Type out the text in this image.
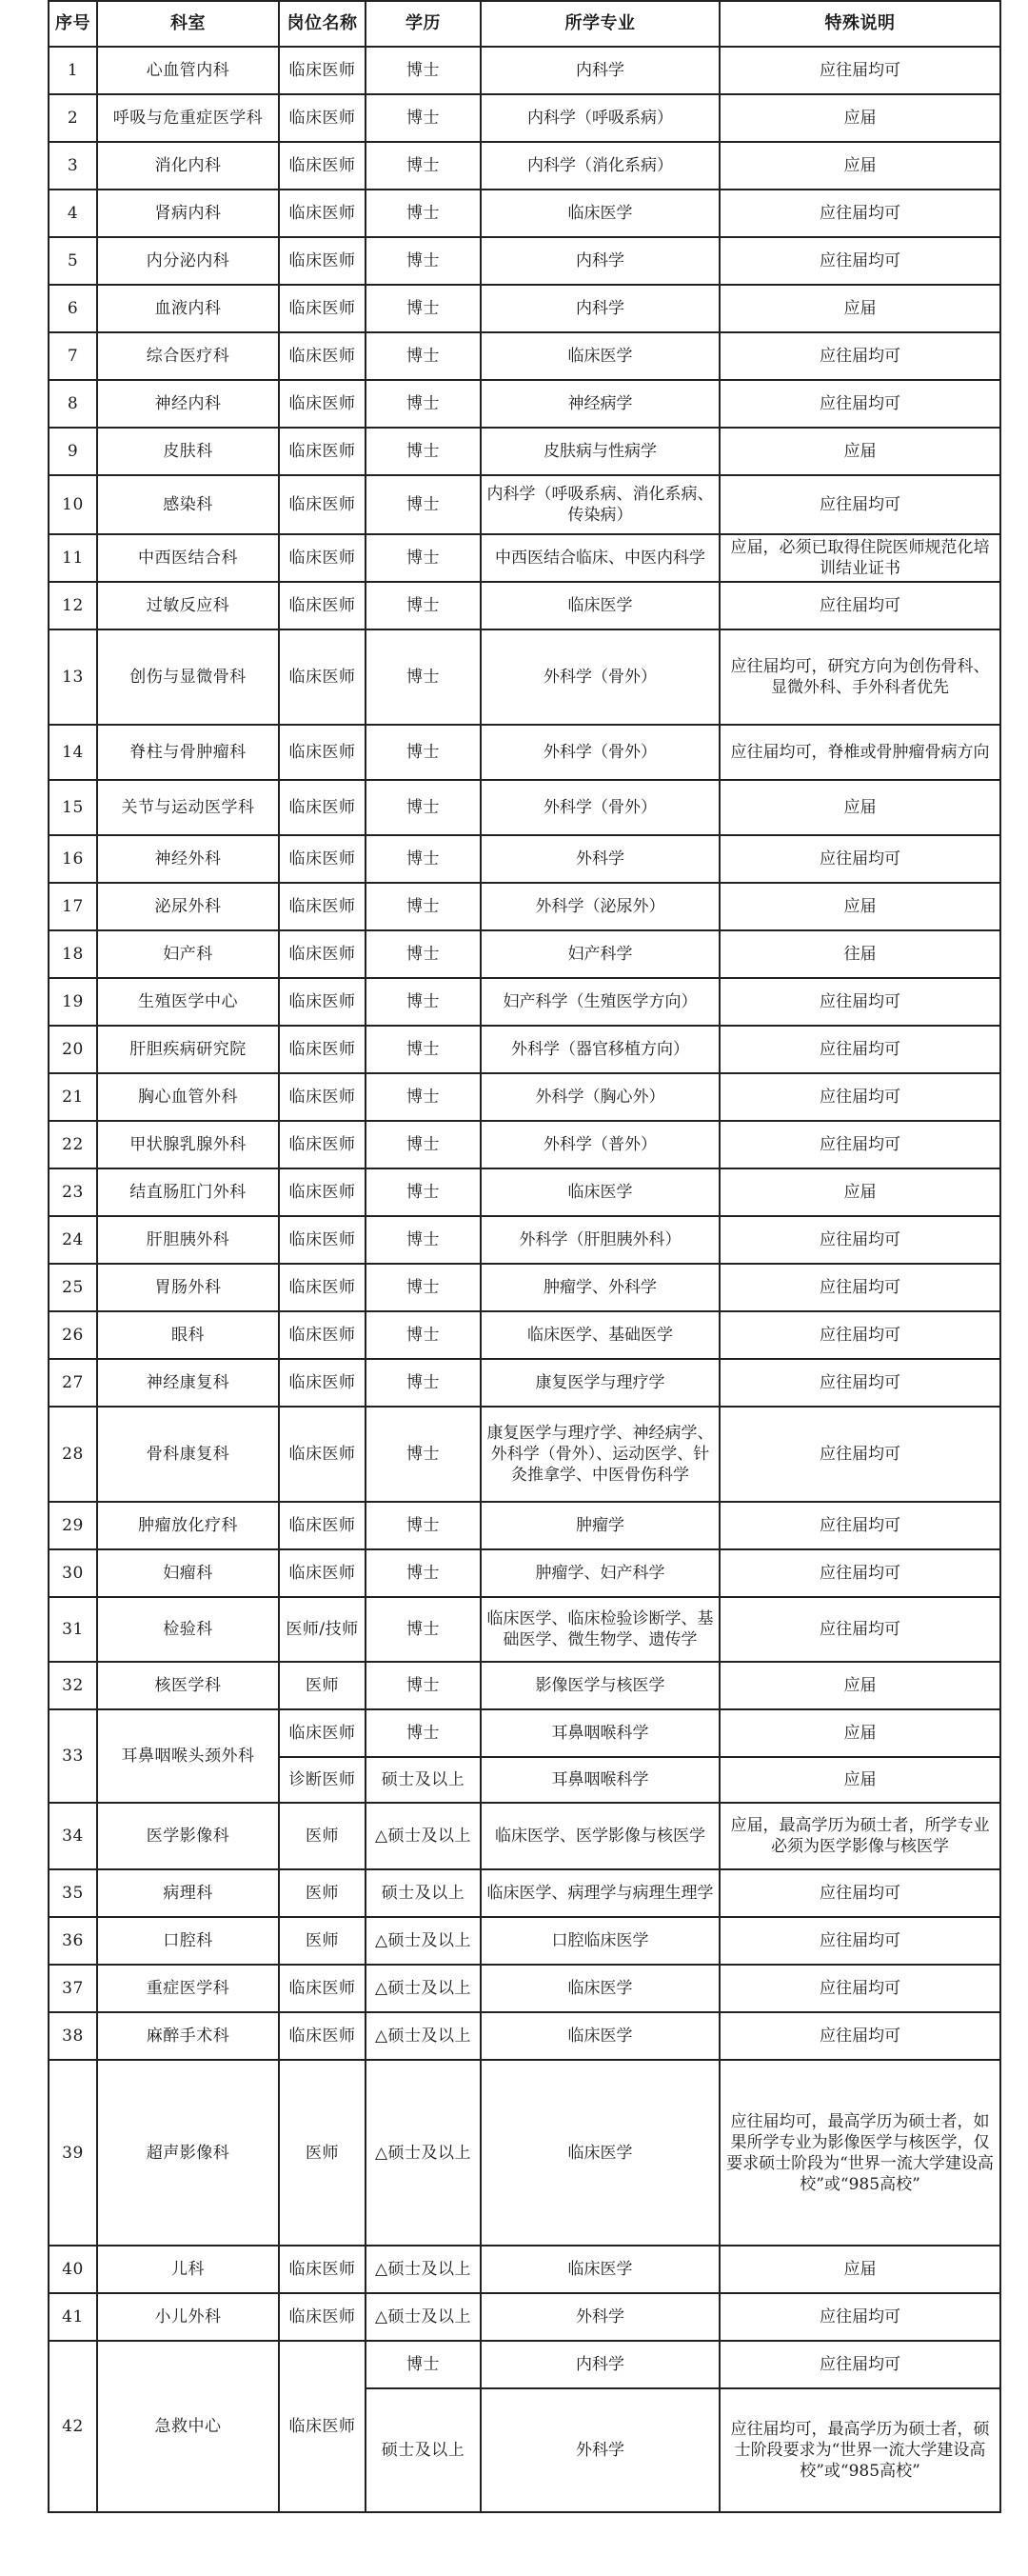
序号	科室	岗位名称	学历	所学专业	特殊说明
1	心血管内科	临床医师	博士	内科学	应往届均可
2	呼吸与危重症医学科	临床医师	博士	内科学（呼吸系病）	应届
3	消化内科	临床医师	博士	内科学（消化系病）	应届
4	肾病内科	临床医师	博士	临床医学	应往届均可
5	内分泌内科	临床医师	博士	内科学	应往届均可
6	血液内科	临床医师	博士	内科学	应届
7	综合医疗科	临床医师	博士	临床医学	应往届均可
8	神经内科	临床医师	博士	神经病学	应往届均可
9	皮肤科	临床医师	博士	皮肤病与性病学	应届
10	感染科	临床医师	博士	内科学（呼吸系病、消化系病、传染病）	应往届均可
11	中西医结合科	临床医师	博士	中西医结合临床、中医内科学	应届，必须已取得住院医师规范化培训结业证书
12	过敏反应科	临床医师	博士	临床医学	应往届均可
13	创伤与显微骨科	临床医师	博士	外科学（骨外）	应往届均可，研究方向为创伤骨科、显微外科、手外科者优先
14	脊柱与骨肿瘤科	临床医师	博士	外科学（骨外）	应往届均可，脊椎或骨肿瘤骨病方向
15	关节与运动医学科	临床医师	博士	外科学（骨外）	应届
16	神经外科	临床医师	博士	外科学	应往届均可
17	泌尿外科	临床医师	博士	外科学（泌尿外）	应届
18	妇产科	临床医师	博士	妇产科学	往届
19	生殖医学中心	临床医师	博士	妇产科学（生殖医学方向）	应往届均可
20	肝胆疾病研究院	临床医师	博士	外科学（器官移植方向）	应往届均可
21	胸心血管外科	临床医师	博士	外科学（胸心外）	应往届均可
22	甲状腺乳腺外科	临床医师	博士	外科学（普外）	应往届均可
23	结直肠肛门外科	临床医师	博士	临床医学	应届
24	肝胆胰外科	临床医师	博士	外科学（肝胆胰外科）	应往届均可
25	胃肠外科	临床医师	博士	肿瘤学、外科学	应往届均可
26	眼科	临床医师	博士	临床医学、基础医学	应往届均可
27	神经康复科	临床医师	博士	康复医学与理疗学	应往届均可
28	骨科康复科	临床医师	博士	康复医学与理疗学、神经病学、外科学（骨外）、运动医学、针灸推拿学、中医骨伤科学	应往届均可
29	肿瘤放化疗科	临床医师	博士	肿瘤学	应往届均可
30	妇瘤科	临床医师	博士	肿瘤学、妇产科学	应往届均可
31	检验科	医师/技师	博士	临床医学、临床检验诊断学、基础医学、微生物学、遗传学	应往届均可
32	核医学科	医师	博士	影像医学与核医学	应届
33	耳鼻咽喉头颈外科	临床医师	博士	耳鼻咽喉科学	应届
		诊断医师	硕士及以上	耳鼻咽喉科学	应届
34	医学影像科	医师	△硕士及以上	临床医学、医学影像与核医学	应届，最高学历为硕士者，所学专业必须为医学影像与核医学
35	病理科	医师	硕士及以上	临床医学、病理学与病理生理学	应往届均可
36	口腔科	医师	△硕士及以上	口腔临床医学	应往届均可
37	重症医学科	临床医师	△硕士及以上	临床医学	应往届均可
38	麻醉手术科	临床医师	△硕士及以上	临床医学	应往届均可
39	超声影像科	医师	△硕士及以上	临床医学	应往届均可，最高学历为硕士者，如果所学专业为影像医学与核医学，仅要求硕士阶段为“世界一流大学建设高校”或“985高校”
40	儿科	临床医师	△硕士及以上	临床医学	应届
41	小儿外科	临床医师	△硕士及以上	外科学	应往届均可
42	急救中心	临床医师	博士	内科学	应往届均可
			硕士及以上	外科学	应往届均可，最高学历为硕士者，硕士阶段要求为“世界一流大学建设高校”或“985高校”
